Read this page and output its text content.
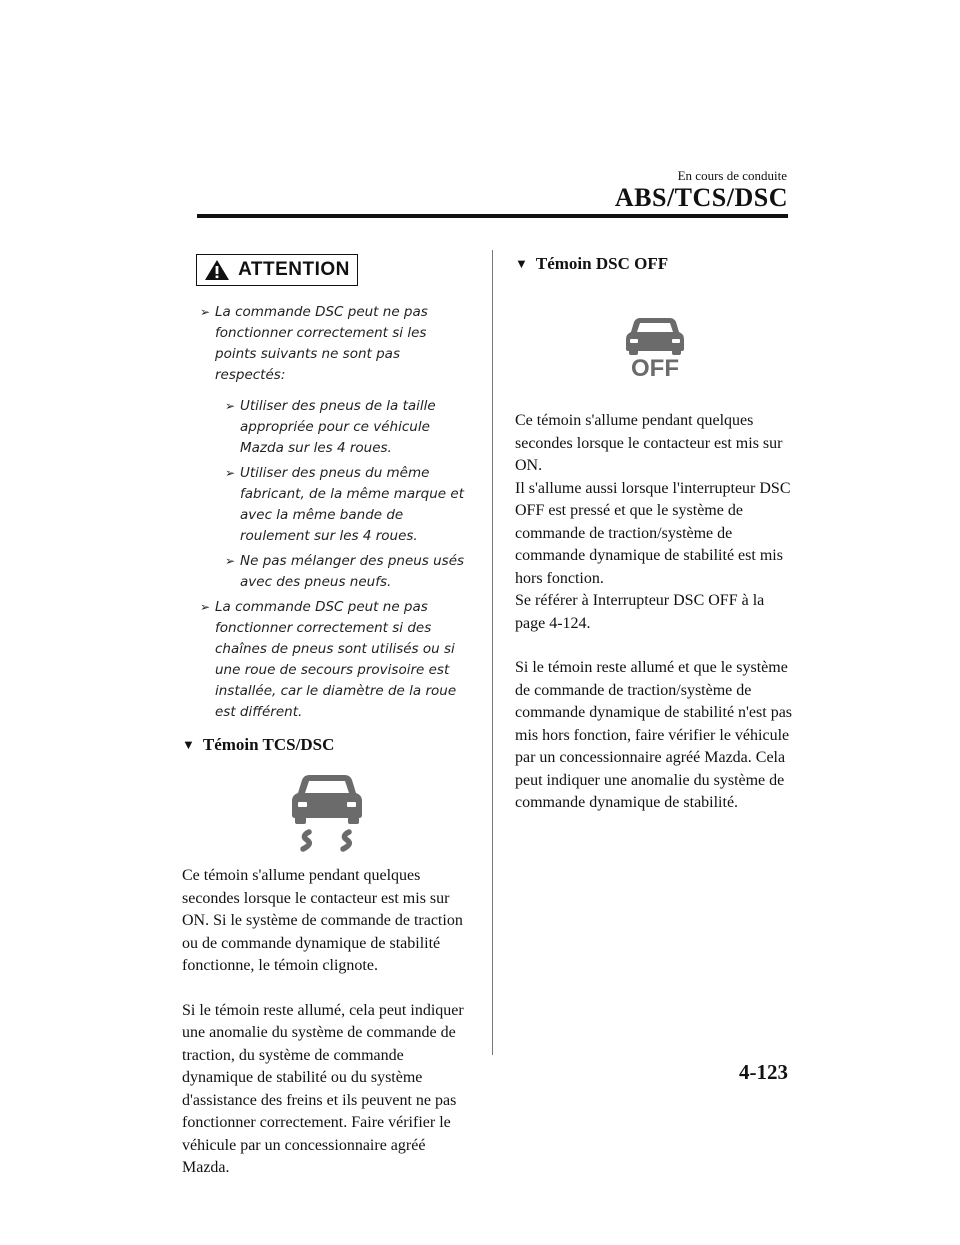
En cours de conduite
ABS/TCS/DSC
ATTENTION
➢ La commande DSC peut ne pas fonctionner correctement si les points suivants ne sont pas respectés:
➢ Utiliser des pneus de la taille appropriée pour ce véhicule Mazda sur les 4 roues.
➢ Utiliser des pneus du même fabricant, de la même marque et avec la même bande de roulement sur les 4 roues.
➢ Ne pas mélanger des pneus usés avec des pneus neufs.
➢ La commande DSC peut ne pas fonctionner correctement si des chaînes de pneus sont utilisés ou si une roue de secours provisoire est installée, car le diamètre de la roue est différent.
▼ Témoin TCS/DSC
Ce témoin s'allume pendant quelques secondes lorsque le contacteur est mis sur ON. Si le système de commande de traction ou de commande dynamique de stabilité fonctionne, le témoin clignote.
Si le témoin reste allumé, cela peut indiquer une anomalie du système de commande de traction, du système de commande dynamique de stabilité ou du système d'assistance des freins et ils peuvent ne pas fonctionner correctement. Faire vérifier le véhicule par un concessionnaire agréé Mazda.
▼ Témoin DSC OFF
OFF
Ce témoin s'allume pendant quelques secondes lorsque le contacteur est mis sur ON.
Il s'allume aussi lorsque l'interrupteur DSC OFF est pressé et que le système de commande de traction/système de commande dynamique de stabilité est mis hors fonction.
Se référer à Interrupteur DSC OFF à la page 4-124.
Si le témoin reste allumé et que le système de commande de traction/système de commande dynamique de stabilité n'est pas mis hors fonction, faire vérifier le véhicule par un concessionnaire agréé Mazda. Cela peut indiquer une anomalie du système de commande dynamique de stabilité.
4-123
